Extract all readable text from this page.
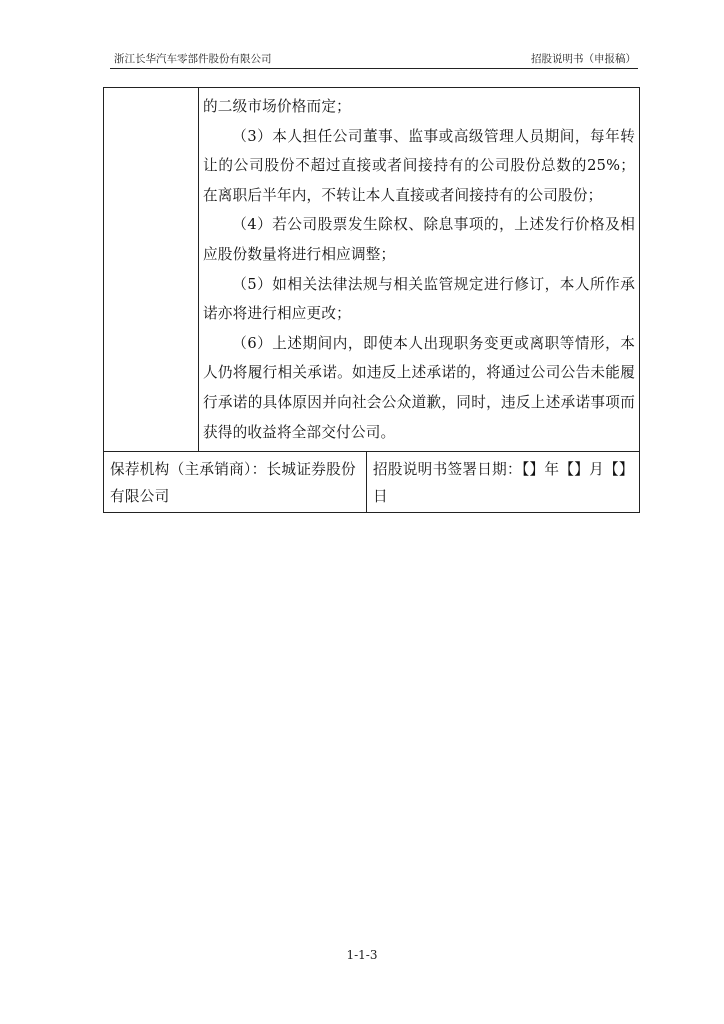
浙江长华汽车零部件股份有限公司	招股说明书（申报稿）

的二级市场价格而定；

（3）本人担任公司董事、监事或高级管理人员期间，每年转让的公司股份不超过直接或者间接持有的公司股份总数的25%；在离职后半年内，不转让本人直接或者间接持有的公司股份；

（4）若公司股票发生除权、除息事项的，上述发行价格及相应股份数量将进行相应调整；

（5）如相关法律法规与相关监管规定进行修订，本人所作承诺亦将进行相应更改；

（6）上述期间内，即使本人出现职务变更或离职等情形，本人仍将履行相关承诺。如违反上述承诺的，将通过公司公告未能履行承诺的具体原因并向社会公众道歉，同时，违反上述承诺事项而获得的收益将全部交付公司。

保荐机构（主承销商）：长城证券股份有限公司
招股说明书签署日期：【】年【】月【】日
1-1-3
